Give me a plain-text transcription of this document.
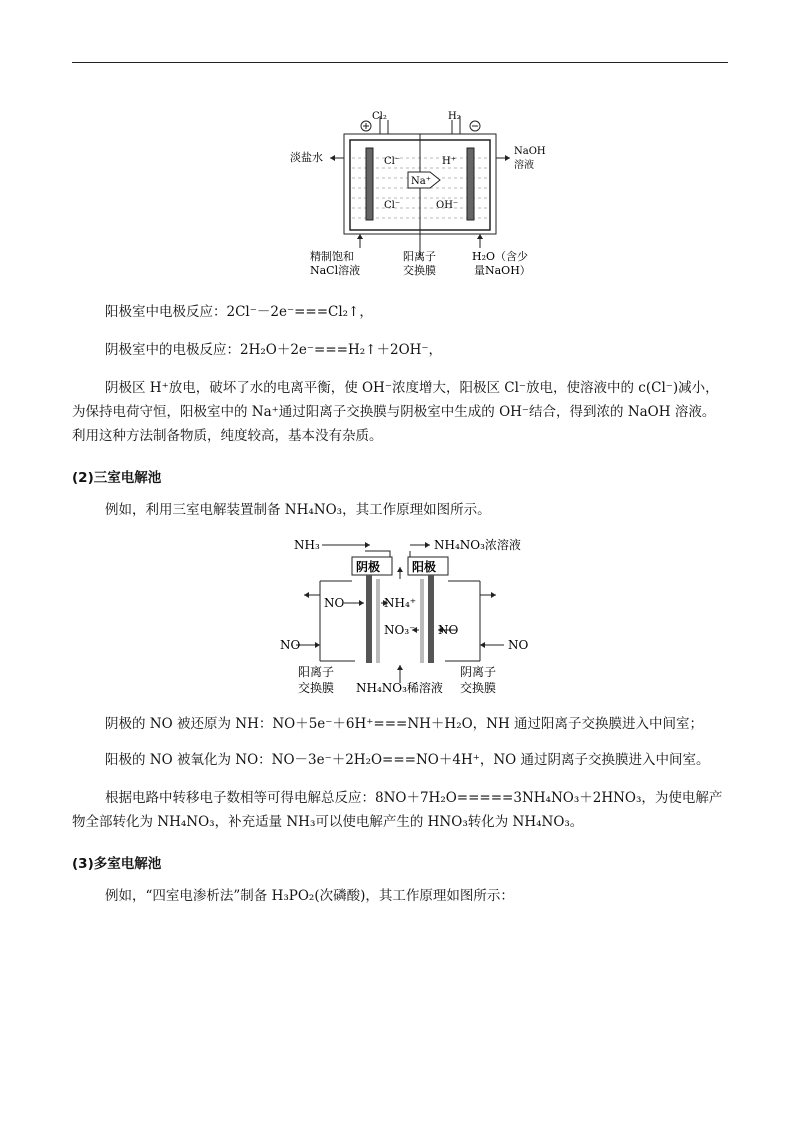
Cl₂	H₂
淡盐水	NaOH
溶液
Cl⁻	H⁺
Na⁺
Cl⁻	OH⁻
精制饱和
NaCl溶液
阳离子
交换膜
H₂O（含少
量NaOH）
阳极室中电极反应：2Cl⁻－2e⁻===Cl₂↑，
阴极室中的电极反应：2H₂O＋2e⁻===H₂↑＋2OH⁻，
阴极区 H⁺放电，破坏了水的电离平衡，使 OH⁻浓度增大，阳极区 Cl⁻放电，使溶液中的 c(Cl⁻)减小，为保持电荷守恒，阳极室中的 Na⁺通过阳离子交换膜与阴极室中生成的 OH⁻结合，得到浓的 NaOH 溶液。利用这种方法制备物质，纯度较高，基本没有杂质。
(2)三室电解池
例如，利用三室电解装置制备 NH₄NO₃，其工作原理如图所示。
NH₃	NH₄NO₃浓溶液
阴极	阳极
NO	NH₄⁺
NO₃⁻ NO
NO	NO
阳离子
交换膜 NH₄NO₃稀溶液
阴离子
交换膜
阴极的 NO 被还原为 NH：NO＋5e⁻＋6H⁺===NH＋H₂O，NH 通过阳离子交换膜进入中间室；
阳极的 NO 被氧化为 NO：NO－3e⁻＋2H₂O===NO＋4H⁺，NO 通过阴离子交换膜进入中间室。
根据电路中转移电子数相等可得电解总反应：8NO＋7H₂O=====3NH₄NO₃＋2HNO₃，为使电解产物全部转化为 NH₄NO₃，补充适量 NH₃可以使电解产生的 HNO₃转化为 NH₄NO₃。
(3)多室电解池
例如，“四室电渗析法”制备 H₃PO₂(次磷酸)，其工作原理如图所示：
